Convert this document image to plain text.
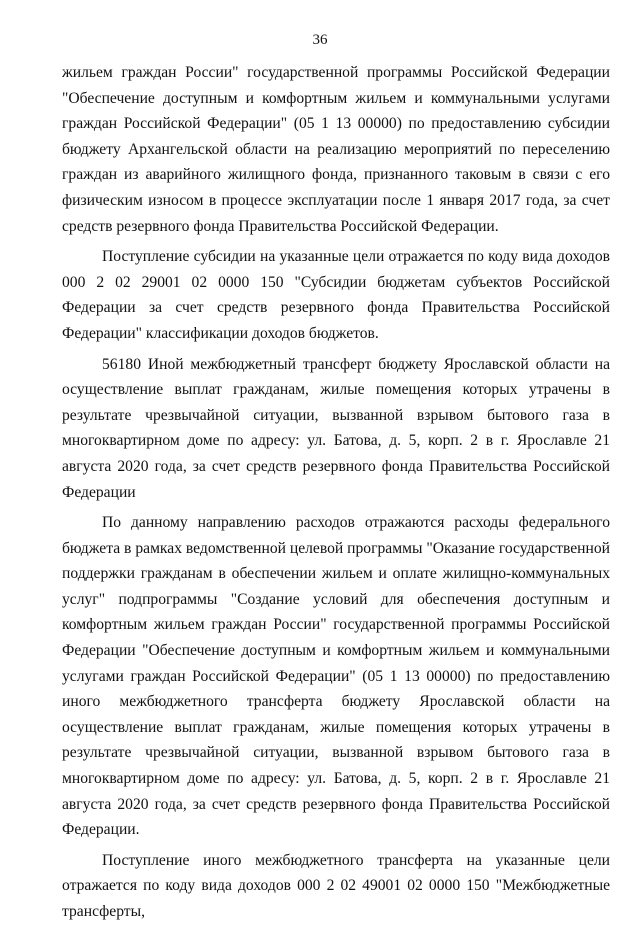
36

жильем граждан России" государственной программы Российской Федерации "Обеспечение доступным и комфортным жильем и коммунальными услугами граждан Российской Федерации" (05 1 13 00000) по предоставлению субсидии бюджету Архангельской области на реализацию мероприятий по переселению граждан из аварийного жилищного фонда, признанного таковым в связи с его физическим износом в процессе эксплуатации после 1 января 2017 года, за счет средств резервного фонда Правительства Российской Федерации.

Поступление субсидии на указанные цели отражается по коду вида доходов 000 2 02 29001 02 0000 150 "Субсидии бюджетам субъектов Российской Федерации за счет средств резервного фонда Правительства Российской Федерации" классификации доходов бюджетов.

56180 Иной межбюджетный трансферт бюджету Ярославской области на осуществление выплат гражданам, жилые помещения которых утрачены в результате чрезвычайной ситуации, вызванной взрывом бытового газа в многоквартирном доме по адресу: ул. Батова, д. 5, корп. 2 в г. Ярославле 21 августа 2020 года, за счет средств резервного фонда Правительства Российской Федерации

По данному направлению расходов отражаются расходы федерального бюджета в рамках ведомственной целевой программы "Оказание государственной поддержки гражданам в обеспечении жильем и оплате жилищно-коммунальных услуг" подпрограммы "Создание условий для обеспечения доступным и комфортным жильем граждан России" государственной программы Российской Федерации "Обеспечение доступным и комфортным жильем и коммунальными услугами граждан Российской Федерации" (05 1 13 00000) по предоставлению иного межбюджетного трансферта бюджету Ярославской области на осуществление выплат гражданам, жилые помещения которых утрачены в результате чрезвычайной ситуации, вызванной взрывом бытового газа в многоквартирном доме по адресу: ул. Батова, д. 5, корп. 2 в г. Ярославле 21 августа 2020 года, за счет средств резервного фонда Правительства Российской Федерации.

Поступление иного межбюджетного трансферта на указанные цели отражается по коду вида доходов 000 2 02 49001 02 0000 150 "Межбюджетные трансферты,
